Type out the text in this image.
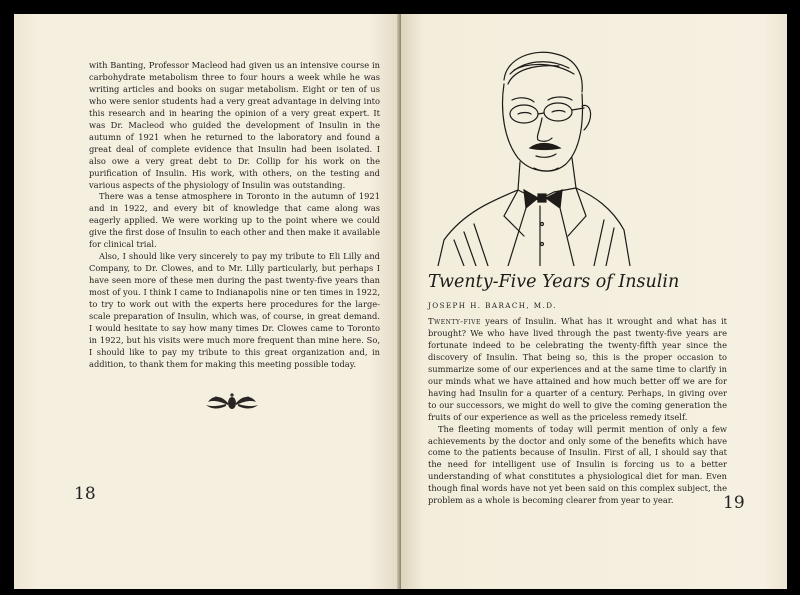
with Banting, Professor Macleod had given us an intensive course in carbohydrate metabolism three to four hours a week while he was writing articles and books on sugar metabolism. Eight or ten of us who were senior students had a very great advantage in delving into this research and in hearing the opinion of a very great expert. It was Dr. Macleod who guided the development of Insulin in the autumn of 1921 when he returned to the laboratory and found a great deal of complete evidence that Insulin had been isolated. I also owe a very great debt to Dr. Collip for his work on the purification of Insulin. His work, with others, on the testing and various aspects of the physiology of Insulin was outstanding.

There was a tense atmosphere in Toronto in the autumn of 1921 and in 1922, and every bit of knowledge that came along was eagerly applied. We were working up to the point where we could give the first dose of Insulin to each other and then make it available for clinical trial.

Also, I should like very sincerely to pay my tribute to Eli Lilly and Company, to Dr. Clowes, and to Mr. Lilly particularly, but perhaps I have seen more of these men during the past twenty-five years than most of you. I think I came to Indianapolis nine or ten times in 1922, to try to work out with the experts here procedures for the large-scale preparation of Insulin, which was, of course, in great demand. I would hesitate to say how many times Dr. Clowes came to Toronto in 1922, but his visits were much more frequent than mine here. So, I should like to pay my tribute to this great organization and, in addition, to thank them for making this meeting possible today.

18
Twenty-Five Years of Insulin
JOSEPH H. BARACH, M.D.

Twenty-five years of Insulin. What has it wrought and what has it brought? We who have lived through the past twenty-five years are fortunate indeed to be celebrating the twenty-fifth year since the discovery of Insulin. That being so, this is the proper occasion to summarize some of our experiences and at the same time to clarify in our minds what we have attained and how much better off we are for having had Insulin for a quarter of a century. Perhaps, in giving over to our successors, we might do well to give the coming generation the fruits of our experience as well as the priceless remedy itself.

The fleeting moments of today will permit mention of only a few achievements by the doctor and only some of the benefits which have come to the patients because of Insulin. First of all, I should say that the need for intelligent use of Insulin is forcing us to a better understanding of what constitutes a physiological diet for man. Even though final words have not yet been said on this complex subject, the problem as a whole is becoming clearer from year to year.	19
